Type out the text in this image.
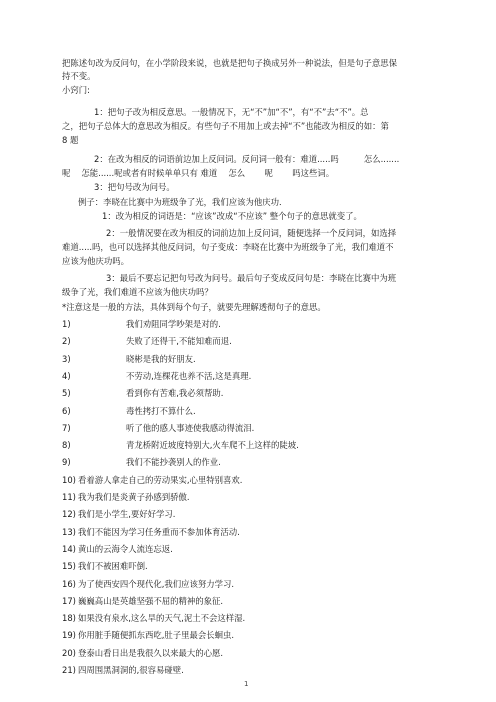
把陈述句改为反问句，在小学阶段来说，也就是把句子换成另外一种说法，但是句子意思保
持不变。
小窍门:
1：把句子改为相反意思。一般情况下，无“不”加“不”，有“不”去“不”。总
之，把句子总体大的意思改为相反。有些句子不用加上或去掉“不”也能改为相反的如：第
8 题
2：在改为相反的词语前边加上反问词。反问词一般有：难道.....吗　　　怎么.......
呢　 怎能......呢或者有时候单单只有 难道　 怎么　　 呢　　 吗这些词。
3：把句号改为问号。
例子：李晓在比赛中为班级争了光，我们应该为他庆功．
1：改为相反的词语是：“应该”改成“不应该” 整个句子的意思就变了。
2：一般情况要在改为相反的词前边加上反问词，随便选择一个反问词，如选择
难道.....吗，也可以选择其他反问词，句子变成：李晓在比赛中为班级争了光，我们难道不
应该为他庆功吗。
3：最后不要忘记把句号改为问号。最后句子变成反问句是：李晓在比赛中为班
级争了光，我们难道不应该为他庆功吗？
*注意这是一般的方法，具体到每个句子，就要先理解透彻句子的意思。
1)	我们劝阻同学吵架是对的.
2)	失败了还得干,不能知难而退.
3)	晓彬是我的好朋友.
4)	不劳动,连棵花也养不活,这是真理.
5)	看到你有苦难,我必须帮助.
6)	毒性拷打不算什么.
7)	听了他的感人事迹使我感动得流泪.
8)	青龙桥附近坡度特别大,火车爬不上这样的陡坡.
9)	我们不能抄袭别人的作业.
10) 看着游人拿走自己的劳动果实,心里特别喜欢.
11) 我为我们是炎黄子孙感到骄傲.
12) 我们是小学生,要好好学习.
13) 我们不能因为学习任务重而不参加体育活动.
14) 黄山的云海令人流连忘返.
15) 我们不被困难吓倒.
16) 为了使西安四个现代化,我们应该努力学习.
17) 巍巍高山是英雄坚强不屈的精神的象征.
18) 如果没有泉水,这么旱的天气,泥土不会这样湿.
19) 你用脏手随便抓东西吃,肚子里最会长蛔虫.
20) 登泰山看日出是我很久以来最大的心愿.
21) 四周围黑洞洞的,很容易碰壁.
1
